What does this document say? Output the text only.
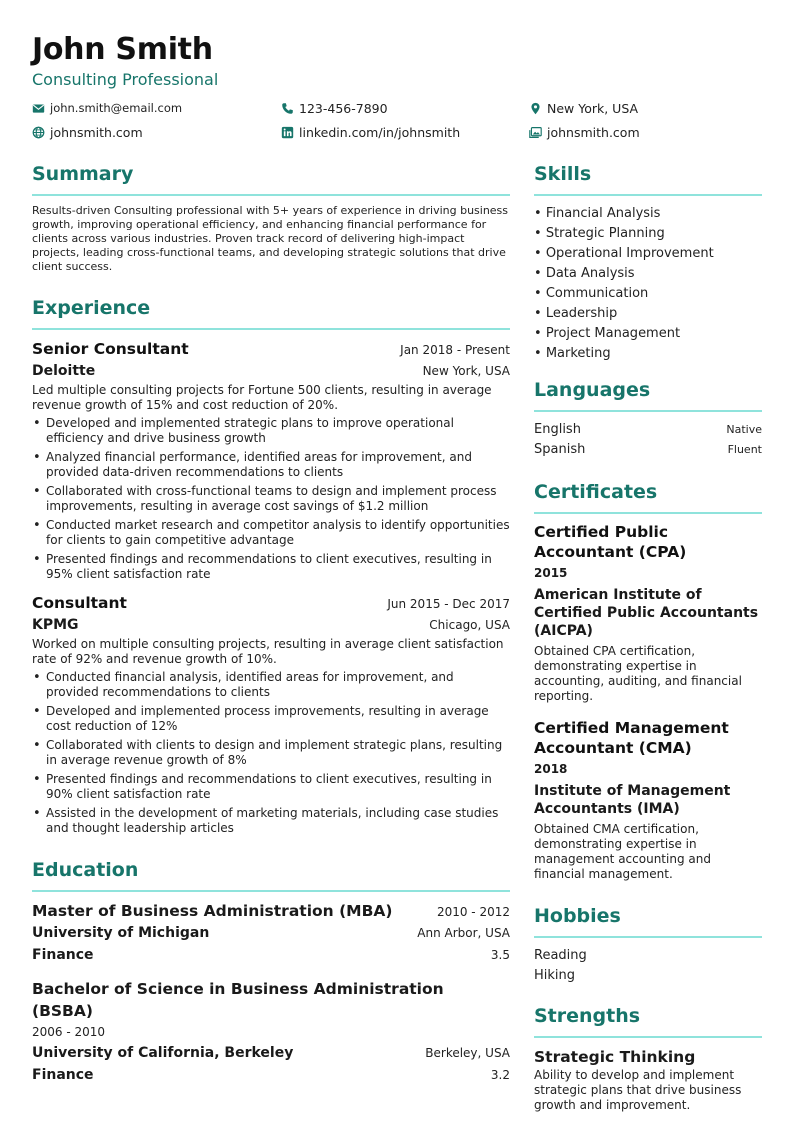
John Smith
Consulting Professional
john.smith@email.com	123-456-7890	New York, USA
johnsmith.com	linkedin.com/in/johnsmith	johnsmith.com
Summary
Results-driven Consulting professional with 5+ years of experience in driving business growth, improving operational efficiency, and enhancing financial performance for clients across various industries. Proven track record of delivering high-impact projects, leading cross-functional teams, and developing strategic solutions that drive client success.
Experience
Senior Consultant	Jan 2018 - Present
Deloitte	New York, USA
Led multiple consulting projects for Fortune 500 clients, resulting in average revenue growth of 15% and cost reduction of 20%.
• Developed and implemented strategic plans to improve operational efficiency and drive business growth
• Analyzed financial performance, identified areas for improvement, and provided data-driven recommendations to clients
• Collaborated with cross-functional teams to design and implement process improvements, resulting in average cost savings of $1.2 million
• Conducted market research and competitor analysis to identify opportunities for clients to gain competitive advantage
• Presented findings and recommendations to client executives, resulting in 95% client satisfaction rate
Consultant	Jun 2015 - Dec 2017
KPMG	Chicago, USA
Worked on multiple consulting projects, resulting in average client satisfaction rate of 92% and revenue growth of 10%.
• Conducted financial analysis, identified areas for improvement, and provided recommendations to clients
• Developed and implemented process improvements, resulting in average cost reduction of 12%
• Collaborated with clients to design and implement strategic plans, resulting in average revenue growth of 8%
• Presented findings and recommendations to client executives, resulting in 90% client satisfaction rate
• Assisted in the development of marketing materials, including case studies and thought leadership articles
Education
Master of Business Administration (MBA)	2010 - 2012
University of Michigan	Ann Arbor, USA
Finance	3.5
Bachelor of Science in Business Administration (BSBA)
2006 - 2010
University of California, Berkeley	Berkeley, USA
Finance	3.2
Skills
• Financial Analysis
• Strategic Planning
• Operational Improvement
• Data Analysis
• Communication
• Leadership
• Project Management
• Marketing
Languages
English	Native
Spanish	Fluent
Certificates
Certified Public Accountant (CPA)
2015
American Institute of Certified Public Accountants (AICPA)
Obtained CPA certification, demonstrating expertise in accounting, auditing, and financial reporting.
Certified Management Accountant (CMA)
2018
Institute of Management Accountants (IMA)
Obtained CMA certification, demonstrating expertise in management accounting and financial management.
Hobbies
Reading
Hiking
Strengths
Strategic Thinking
Ability to develop and implement strategic plans that drive business growth and improvement.
